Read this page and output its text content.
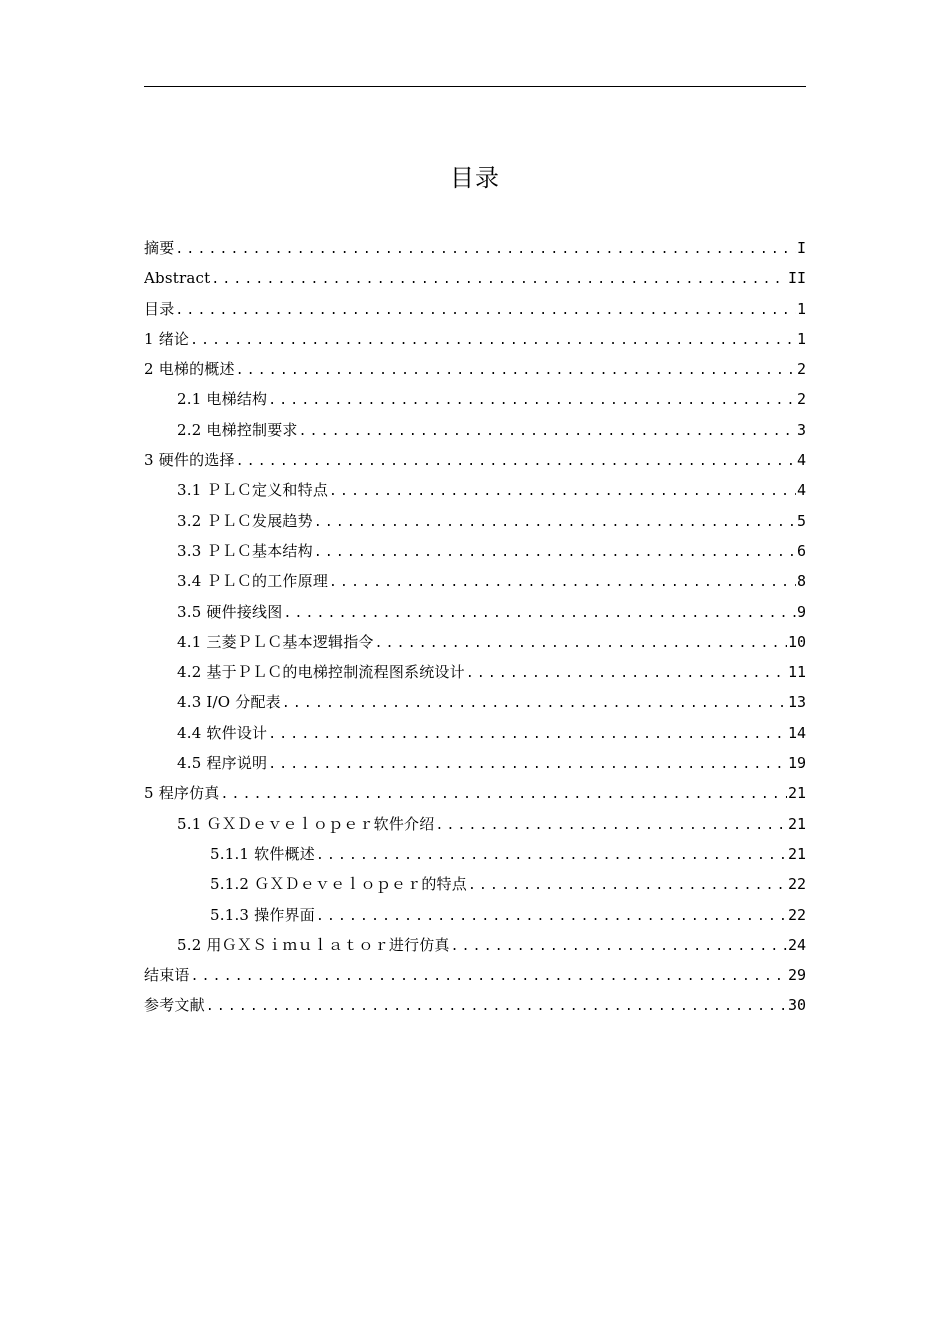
目录
摘要 .....	I
Abstract .....	II
目录 .....	1
1 绪论 .....	1
2 电梯的概述 .....	2
2.1 电梯结构 .....	2
2.2 电梯控制要求 .....	3
3 硬件的选择 .....	4
3.1 ＰＬＣ定义和特点 .....	4
3.2 ＰＬＣ发展趋势 .....	5
3.3 ＰＬＣ基本结构 .....	6
3.4 ＰＬＣ的工作原理 .....	8
3.5 硬件接线图 .....	9
4.1 三菱ＰＬＣ基本逻辑指令 .....	10
4.2 基于ＰＬＣ的电梯控制流程图系统设计 .....	11
4.3 I/O 分配表 .....	13
4.4 软件设计 .....	14
4.5 程序说明 .....	19
5 程序仿真 .....	21
5.1 ＧＸＤｅｖｅｌｏｐｅｒ软件介绍 .....	21
5.1.1 软件概述 .....	21
5.1.2 ＧＸＤｅｖｅｌｏｐｅｒ的特点 .....	22
5.1.3 操作界面 .....	22
5.2 用ＧＸＳｉｍｕｌａｔｏｒ进行仿真 .....	24
结束语 .....	29
参考文献 .....	30
